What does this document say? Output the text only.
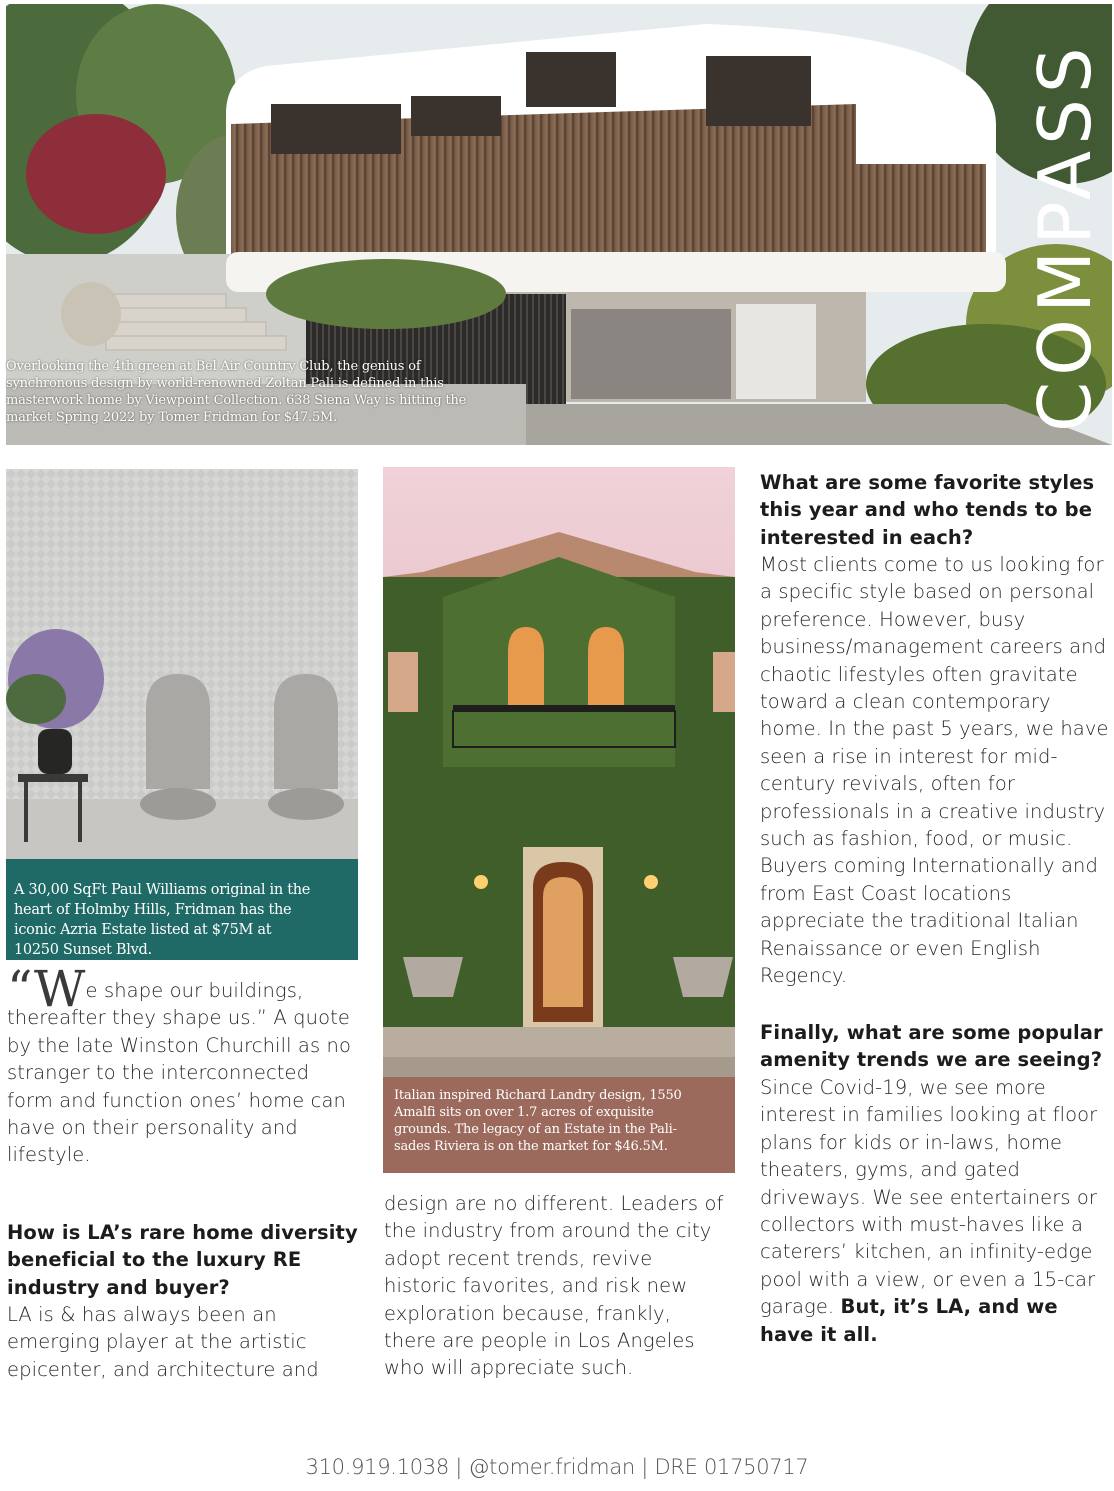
Overlooking the 4th green at Bel Air Country Club, the genius of synchronous design by world-renowned Zoltan Pali is defined in this masterwork home by Viewpoint Collection. 638 Siena Way is hitting the market Spring 2022 by Tomer Fridman for $47.5M.	COMPASS
A 30,00 SqFt Paul Williams original in the heart of Holmby Hills, Fridman has the iconic Azria Estate listed at $75M at 10250 Sunset Blvd.
Italian inspired Richard Landry design, 1550 Amalfi sits on over 1.7 acres of exquisite grounds. The legacy of an Estate in the Pali-sades Riviera is on the market for $46.5M.
“We shape our buildings, thereafter they shape us.” A quote by the late Winston Churchill as no stranger to the interconnected form and function ones’ home can have on their personality and lifestyle.
How is LA’s rare home diversity beneficial to the luxury RE industry and buyer?
LA is & has always been an emerging player at the artistic epicenter, and architecture and
design are no different. Leaders of the industry from around the city adopt recent trends, revive historic favorites, and risk new exploration because, frankly, there are people in Los Angeles who will appreciate such.
What are some favorite styles this year and who tends to be interested in each?
Most clients come to us looking for a specific style based on personal preference. However, busy business/management careers and chaotic lifestyles often gravitate toward a clean contemporary home. In the past 5 years, we have seen a rise in interest for mid-century revivals, often for professionals in a creative industry such as fashion, food, or music. Buyers coming Internationally and from East Coast locations appreciate the traditional Italian Renaissance or even English Regency.
Finally, what are some popular amenity trends we are seeing?
Since Covid-19, we see more interest in families looking at floor plans for kids or in-laws, home theaters, gyms, and gated driveways. We see entertainers or collectors with must-haves like a caterers’ kitchen, an infinity-edge pool with a view, or even a 15-car garage. But, it’s LA, and we have it all.
310.919.1038 | @tomer.fridman | DRE 01750717
